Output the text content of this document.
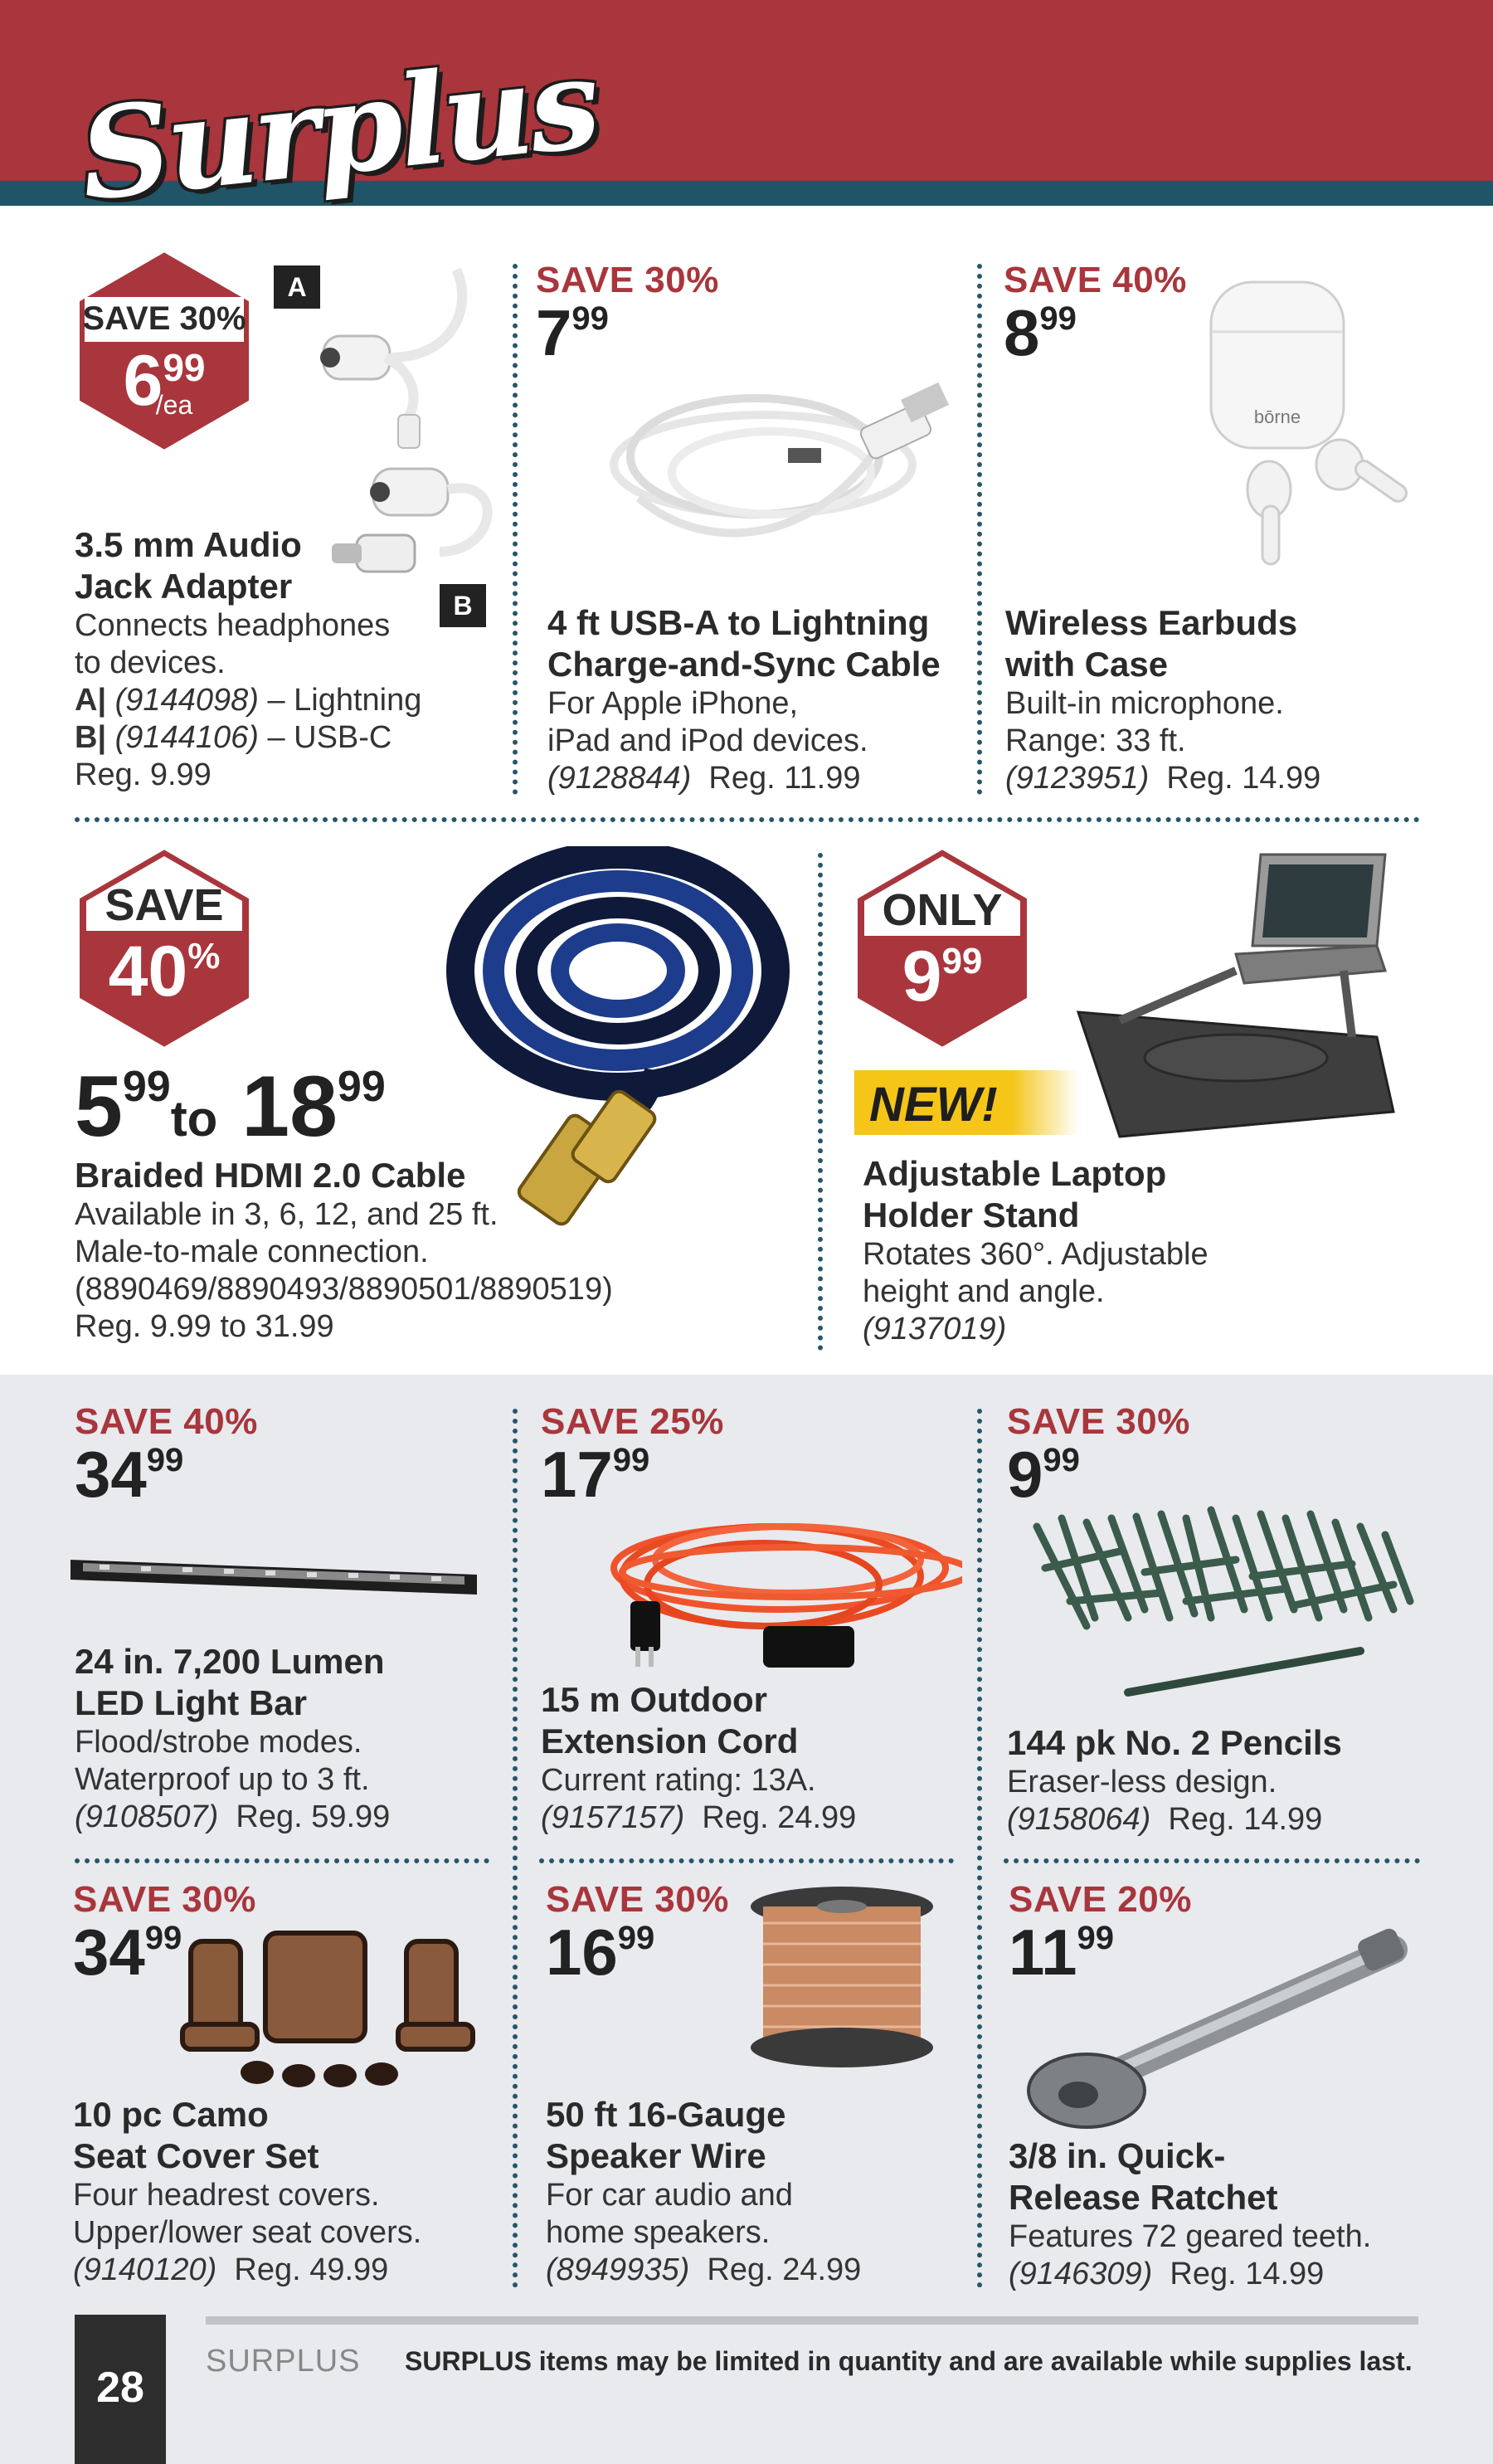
Surplus
SAVE 30%
$6^{99}$
/ea
A
B
3.5 mm Audio
Jack Adapter
Connects headphones
to devices.
A| (9144098) – Lightning
B| (9144106) – USB-C
Reg. 9.99
SAVE 30%
$7^{99}$
4 ft USB-A to Lightning
Charge-and-Sync Cable
For Apple iPhone,
iPad and iPod devices.
(9128844) Reg. 11.99
SAVE 40%
$8^{99}$
bōrne
Wireless Earbuds
with Case
Built-in microphone.
Range: 33 ft.
(9123951) Reg. 14.99
SAVE
40%
$5^{99}to$ $18^{99}$
Braided HDMI 2.0 Cable
Available in 3, 6, 12, and 25 ft.
Male-to-male connection.
(8890469/8890493/8890501/8890519)
Reg. 9.99 to 31.99
ONLY
$9^{99}$
NEW!
Adjustable Laptop
Holder Stand
Rotates 360°. Adjustable
height and angle.
(9137019)
SAVE 40%
$34^{99}$
24 in. 7,200 Lumen
LED Light Bar
Flood/strobe modes.
Waterproof up to 3 ft.
(9108507) Reg. 59.99
SAVE 25%
$17^{99}$
15 m Outdoor
Extension Cord
Current rating: 13A.
(9157157) Reg. 24.99
SAVE 30%
$9^{99}$
144 pk No. 2 Pencils
Eraser-less design.
(9158064) Reg. 14.99
SAVE 30%
$34^{99}$
10 pc Camo
Seat Cover Set
Four headrest covers.
Upper/lower seat covers.
(9140120) Reg. 49.99
SAVE 30%
$16^{99}$
50 ft 16-Gauge
Speaker Wire
For car audio and
home speakers.
(8949935) Reg. 24.99
SAVE 20%
$11^{99}$
3/8 in. Quick-
Release Ratchet
Features 72 geared teeth.
(9146309) Reg. 14.99
28
SURPLUS SURPLUS items may be limited in quantity and are available while supplies last.
